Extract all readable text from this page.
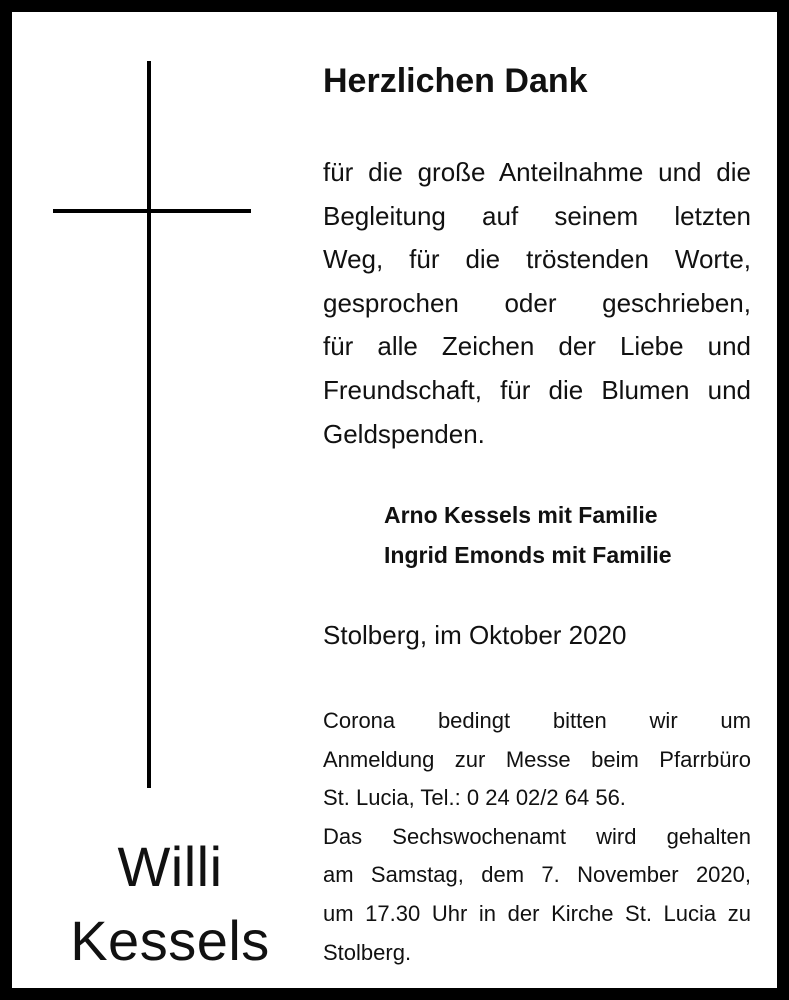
Willi
Kessels
Herzlichen Dank
für die große Anteilnahme und die
Begleitung auf seinem letzten
Weg, für die tröstenden Worte,
gesprochen oder geschrieben,
für alle Zeichen der Liebe und
Freundschaft, für die Blumen und
Geldspenden.
Arno Kessels mit Familie
Ingrid Emonds mit Familie
Stolberg, im Oktober 2020
Corona bedingt bitten wir um
Anmeldung zur Messe beim Pfarrbüro
St. Lucia, Tel.: 0 24 02/2 64 56.
Das Sechswochenamt wird gehalten
am Samstag, dem 7. November 2020,
um 17.30 Uhr in der Kirche St. Lucia zu
Stolberg.
